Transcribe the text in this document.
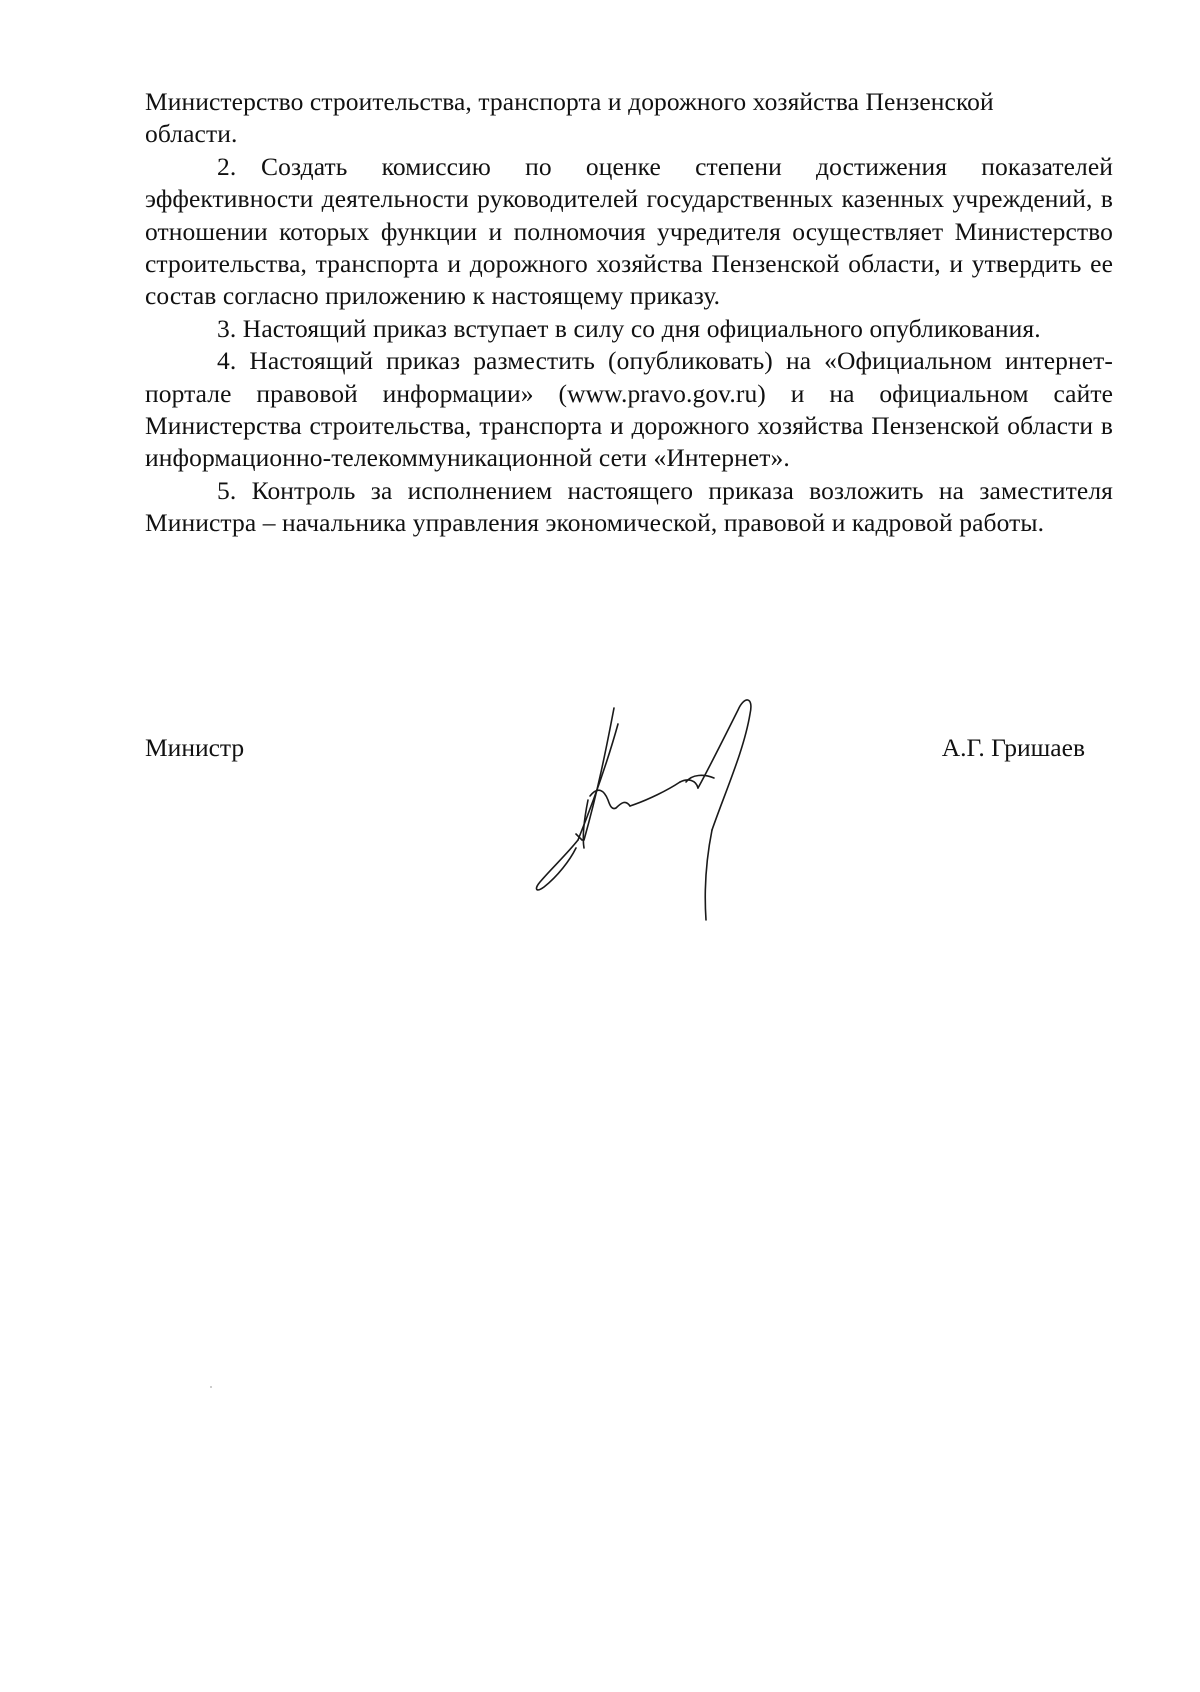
Министерство строительства, транспорта и дорожного хозяйства Пензенской

области.

2. Создать комиссию по оценке степени достижения показателей эффективности деятельности руководителей государственных казенных учреждений, в отношении которых функции и полномочия учредителя осуществляет Министерство строительства, транспорта и дорожного хозяйства Пензенской области, и утвердить ее состав согласно приложению к настоящему приказу.

3. Настоящий приказ вступает в силу со дня официального опубликования.

4. Настоящий приказ разместить (опубликовать) на «Официальном интернет-портале правовой информации» (www.pravo.gov.ru) и на официальном сайте Министерства строительства, транспорта и дорожного хозяйства Пензенской области в информационно-телекоммуникационной сети «Интернет».

5. Контроль за исполнением настоящего приказа возложить на заместителя Министра – начальника управления экономической, правовой и кадровой работы.

Министр	А.Г. Гришаев
